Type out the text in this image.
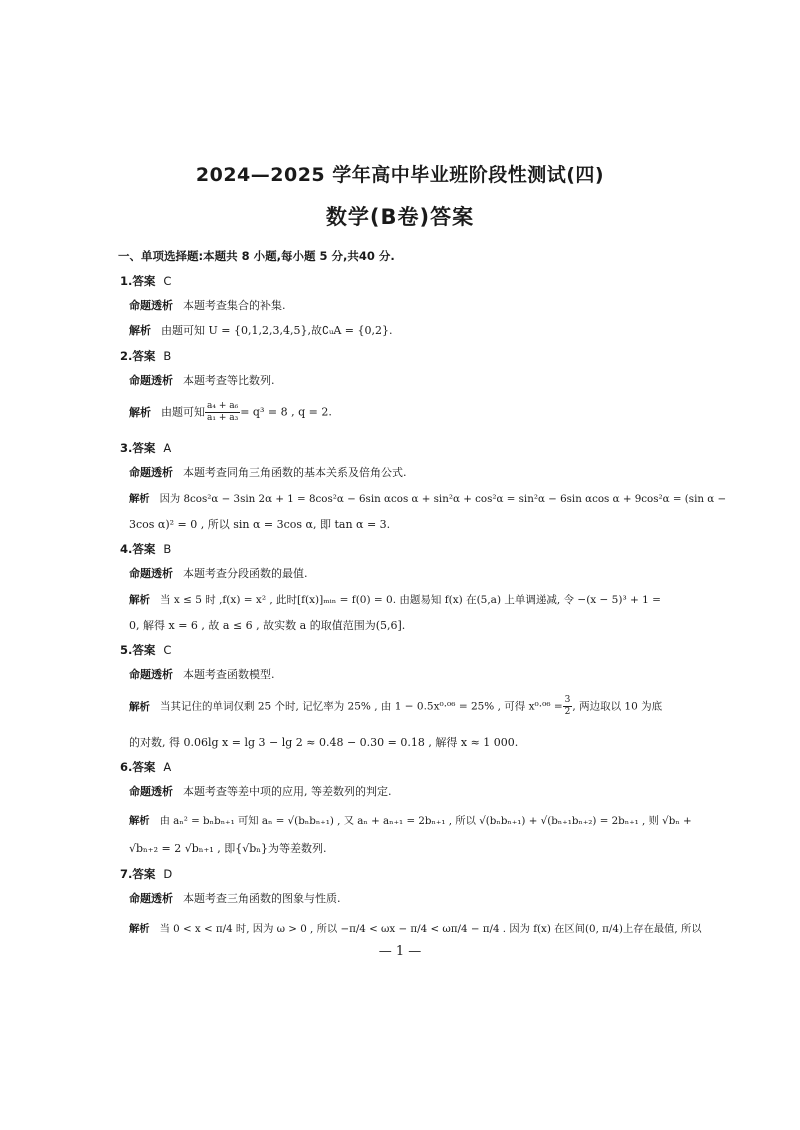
2024—2025 学年高中毕业班阶段性测试(四)
数学(B卷)答案
一、单项选择题:本题共 8 小题,每小题 5 分,共40 分.
1.答案 C
命题透析 本题考查集合的补集.
解析 由题可知 U = {0,1,2,3,4,5},故∁ᵤA = {0,2}.
2.答案 B
命题透析 本题考查等比数列.
解析 由题可知 $\frac{\text{a₄ + a₆}}{\text{a₁ + a₃}} = q^3 = 8$ , q = 2.
3.答案 A
命题透析 本题考查同角三角函数的基本关系及倍角公式.
解析 因为 8cos²α − 3sin 2α + 1 = 8cos²α − 6sin αcos α + sin²α + cos²α = sin²α − 6sin αcos α + 9cos²α = (sin α −
3cos α)² = 0 , 所以 sin α = 3cos α, 即 tan α = 3.
4.答案 B
命题透析 本题考查分段函数的最值.
解析 当 x ≤ 5 时 ,f(x) = x² , 此时[f(x)]ₘᵢₙ = f(0) = 0. 由题易知 f(x) 在(5,a) 上单调递减, 令 −(x − 5)³ + 1 =
0, 解得 x = 6 , 故 a ≤ 6 , 故实数 a 的取值范围为(5,6].
5.答案 C
命题透析 本题考查函数模型.
解析 当其记住的单词仅剩 25 个时, 记忆率为 25% , 由 1 − 0.5x⁰·⁰⁶ = 25% , 可得 $x^0\cdot^{06} = \frac{3}{2}$ , 两边取以 10 为底
的对数, 得 0.06lg x = lg 3 − lg 2 ≈ 0.48 − 0.30 = 0.18 , 解得 x ≈ 1 000.
6.答案 A
命题透析 本题考查等差中项的应用, 等差数列的判定.
解析 由 aₙ² = bₙbₙ₊₁ 可知 aₙ = √(bₙbₙ₊₁) , 又 aₙ + aₙ₊₁ = 2bₙ₊₁ , 所以 √(bₙbₙ₊₁) + √(bₙ₊₁bₙ₊₂) = 2bₙ₊₁ , 则 √bₙ +
√bₙ₊₂ = 2 √bₙ₊₁ , 即{√bₙ}为等差数列.
7.答案 D
命题透析 本题考查三角函数的图象与性质.
解析 当 0 < x < π/4 时, 因为 ω > 0 , 所以 −π/4 < ωx − π/4 < ωπ/4 − π/4 . 因为 f(x) 在区间(0, π/4)上存在最值, 所以
— 1 —
